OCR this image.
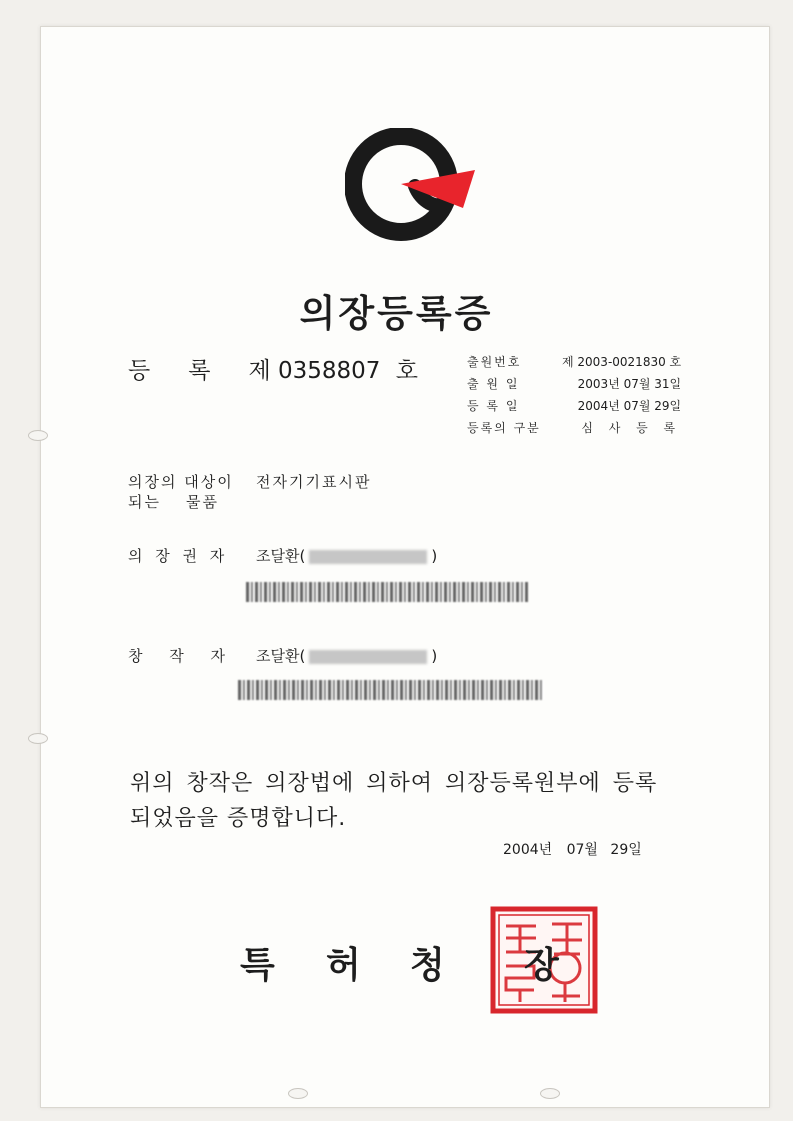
의장등록증
등 록 제 0358807 호	출원번호	제 2003-0021830 호
출 원 일	2003년 07월 31일
등 록 일	2004년 07월 29일
등록의 구분	심 사 등 록
의장의 대상이
되는 물품
전자기기표시판
의 장 권 자 조달환(	)
창 작 자 조달환(	)
위의 창작은 의장법에 의하여 의장등록원부에 등록
되었음을 증명합니다.
2004년 07월 29일
특 허 청 장
